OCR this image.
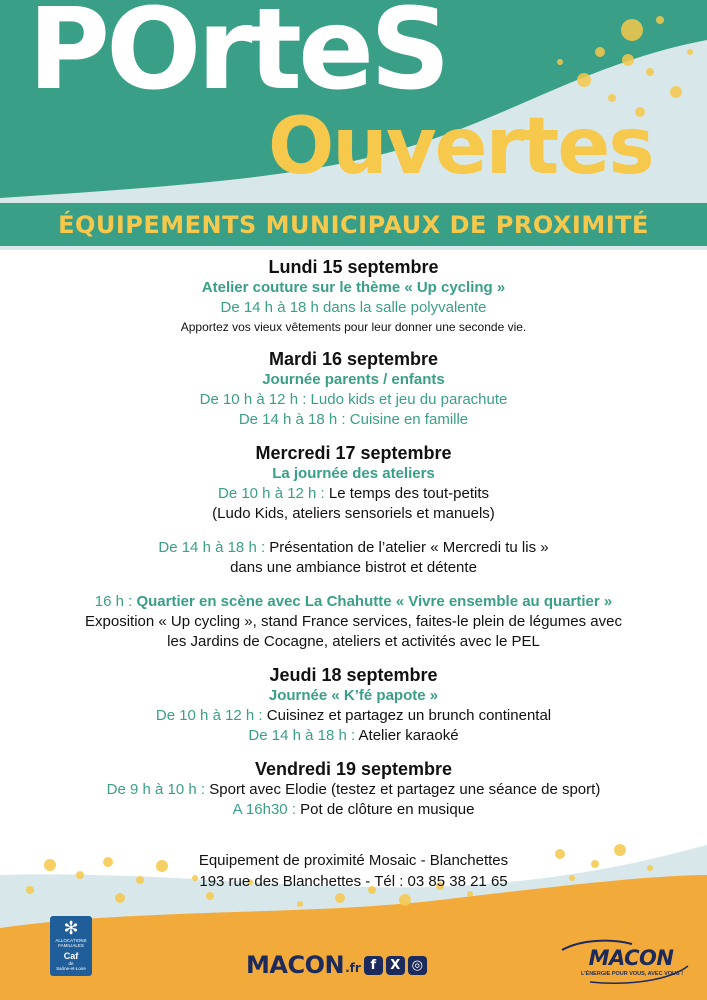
POrteS
Ouvertes
ÉQUIPEMENTS MUNICIPAUX DE PROXIMITÉ
Lundi 15 septembre
Atelier couture sur le thème « Up cycling »
De 14 h à 18 h dans la salle polyvalente
Apportez vos vieux vêtements pour leur donner une seconde vie.
Mardi 16 septembre
Journée parents / enfants
De 10 h à 12 h : Ludo kids et jeu du parachute
De 14 h à 18 h : Cuisine en famille
Mercredi 17 septembre
La journée des ateliers
De 10 h à 12 h : Le temps des tout-petits
(Ludo Kids, ateliers sensoriels et manuels)
De 14 h à 18 h : Présentation de l’atelier « Mercredi tu lis »
dans une ambiance bistrot et détente
16 h : Quartier en scène avec La Chahutte « Vivre ensemble au quartier »
Exposition « Up cycling », stand France services, faites-le plein de légumes avec
les Jardins de Cocagne, ateliers et activités avec le PEL
Jeudi 18 septembre
Journée « K’fé papote »
De 10 h à 12 h : Cuisinez et partagez un brunch continental
De 14 h à 18 h : Atelier karaoké
Vendredi 19 septembre
De 9 h à 10 h : Sport avec Elodie (testez et partagez une séance de sport)
A 16h30 : Pot de clôture en musique
Equipement de proximité Mosaic - Blanchettes
193 rue des Blanchettes - Tél : 03 85 38 21 65
✻
ALLOCATIONS
FAMILIALES
Caf
de
Saône-et-Loire	MACON .fr f	X ◎	MACON
L’ÉNERGIE POUR VOUS, AVEC VOUS !
